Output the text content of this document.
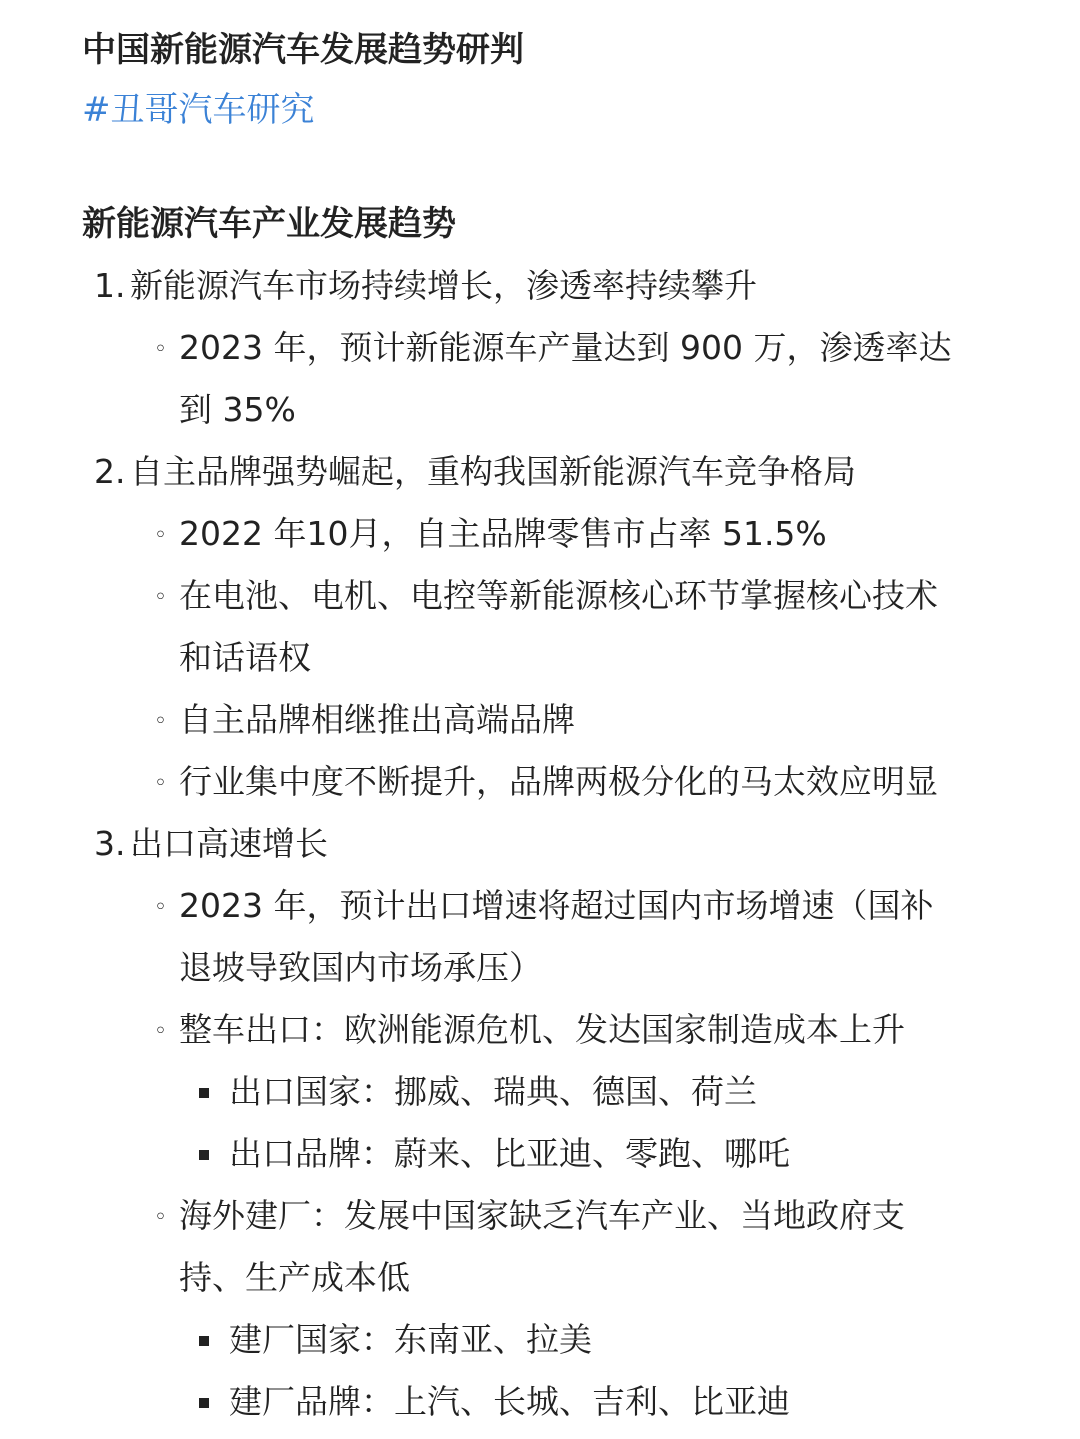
中国新能源汽车发展趋势研判
#丑哥汽车研究
新能源汽车产业发展趋势
1. 新能源汽车市场持续增长，渗透率持续攀升
◦ 2023 年，预计新能源车产量达到 900 万，渗透率达
到 35%
2. 自主品牌强势崛起，重构我国新能源汽车竞争格局
◦ 2022 年10月，自主品牌零售市占率 51.5%
◦ 在电池、电机、电控等新能源核心环节掌握核心技术
和话语权
◦ 自主品牌相继推出高端品牌
◦ 行业集中度不断提升，品牌两极分化的马太效应明显
3. 出口高速增长
◦ 2023 年，预计出口增速将超过国内市场增速（国补
退坡导致国内市场承压）
◦ 整车出口：欧洲能源危机、发达国家制造成本上升
出口国家：挪威、瑞典、德国、荷兰
出口品牌：蔚来、比亚迪、零跑、哪吒
◦ 海外建厂：发展中国家缺乏汽车产业、当地政府支
持、生产成本低
建厂国家：东南亚、拉美
建厂品牌：上汽、长城、吉利、比亚迪
